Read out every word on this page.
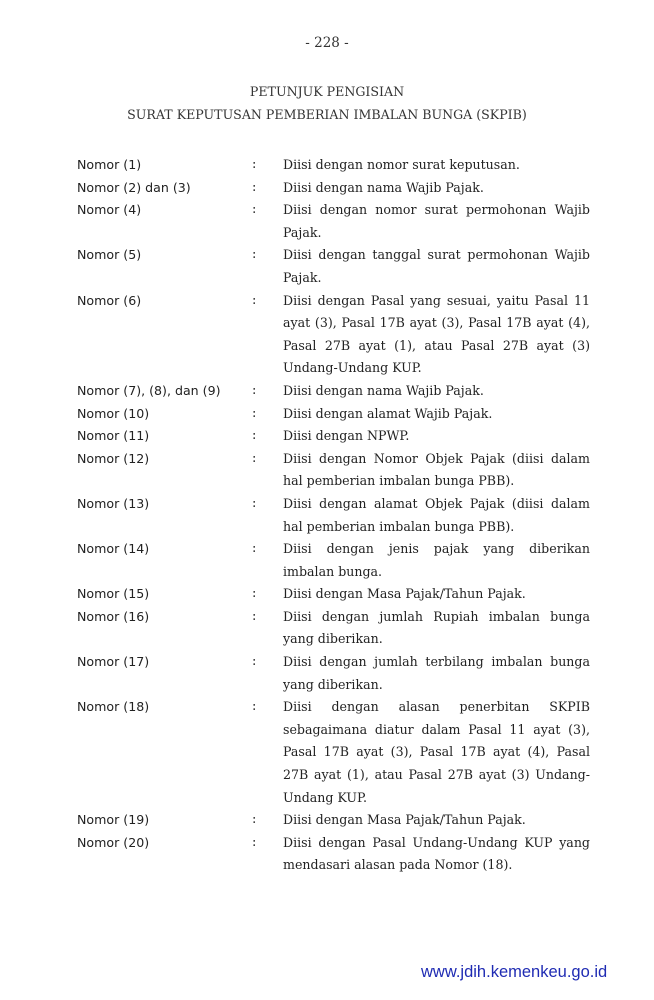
- 228 -
PETUNJUK PENGISIAN
SURAT KEPUTUSAN PEMBERIAN IMBALAN BUNGA (SKPIB)
Nomor (1)	: Diisi dengan nomor surat keputusan.
Nomor (2) dan (3)	: Diisi dengan nama Wajib Pajak.
Nomor (4)	: Diisi dengan nomor surat permohonan Wajib Pajak.
Nomor (5)	: Diisi dengan tanggal surat permohonan Wajib Pajak.
Nomor (6)	: Diisi dengan Pasal yang sesuai, yaitu Pasal 11 ayat (3), Pasal 17B ayat (3), Pasal 17B ayat (4), Pasal 27B ayat (1), atau Pasal 27B ayat (3) Undang-Undang KUP.
Nomor (7), (8), dan (9) : Diisi dengan nama Wajib Pajak.
Nomor (10)	: Diisi dengan alamat Wajib Pajak.
Nomor (11)	: Diisi dengan NPWP.
Nomor (12)	: Diisi dengan Nomor Objek Pajak (diisi dalam hal pemberian imbalan bunga PBB).
Nomor (13)	: Diisi dengan alamat Objek Pajak (diisi dalam hal pemberian imbalan bunga PBB).
Nomor (14)	: Diisi dengan jenis pajak yang diberikan imbalan bunga.
Nomor (15)	: Diisi dengan Masa Pajak/Tahun Pajak.
Nomor (16)	: Diisi dengan jumlah Rupiah imbalan bunga yang diberikan.
Nomor (17)	: Diisi dengan jumlah terbilang imbalan bunga yang diberikan.
Nomor (18)	: Diisi dengan alasan penerbitan SKPIB sebagaimana diatur dalam Pasal 11 ayat (3), Pasal 17B ayat (3), Pasal 17B ayat (4), Pasal 27B ayat (1), atau Pasal 27B ayat (3) Undang-Undang KUP.
Nomor (19)	: Diisi dengan Masa Pajak/Tahun Pajak.
Nomor (20)	: Diisi dengan Pasal Undang-Undang KUP yang mendasari alasan pada Nomor (18).
www.jdih.kemenkeu.go.id
